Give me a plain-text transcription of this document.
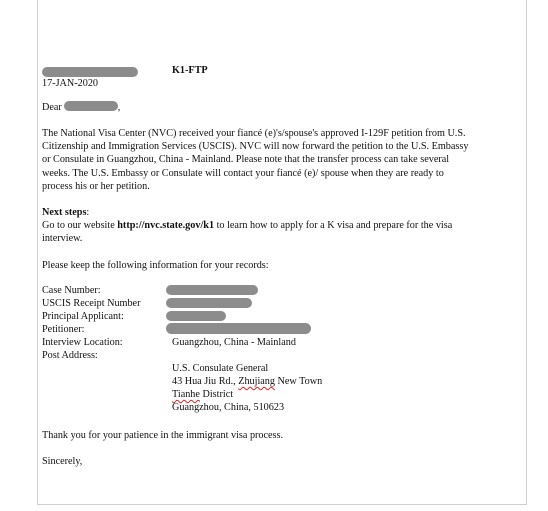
K1-FTP
17-JAN-2020
Dear	,
The National Visa Center (NVC) received your fiancé (e)'s/spouse's approved I-129F petition from U.S. Citizenship and Immigration Services (USCIS). NVC will now forward the petition to the U.S. Embassy or Consulate in Guangzhou, China - Mainland. Please note that the transfer process can take several weeks. The U.S. Embassy or Consulate will contact your fiancé (e)/ spouse when they are ready to process his or her petition.
Next steps:
Go to our website http://nvc.state.gov/k1 to learn how to apply for a K visa and prepare for the visa interview.
Please keep the following information for your records:
Case Number:
USCIS Receipt Number
Principal Applicant:
Petitioner:
Interview Location:	Guangzhou, China - Mainland
Post Address:
U.S. Consulate General
43 Hua Jiu Rd., Zhujiang New Town
Tianhe District
Guangzhou, China, 510623
Thank you for your patience in the immigrant visa process.
Sincerely,
